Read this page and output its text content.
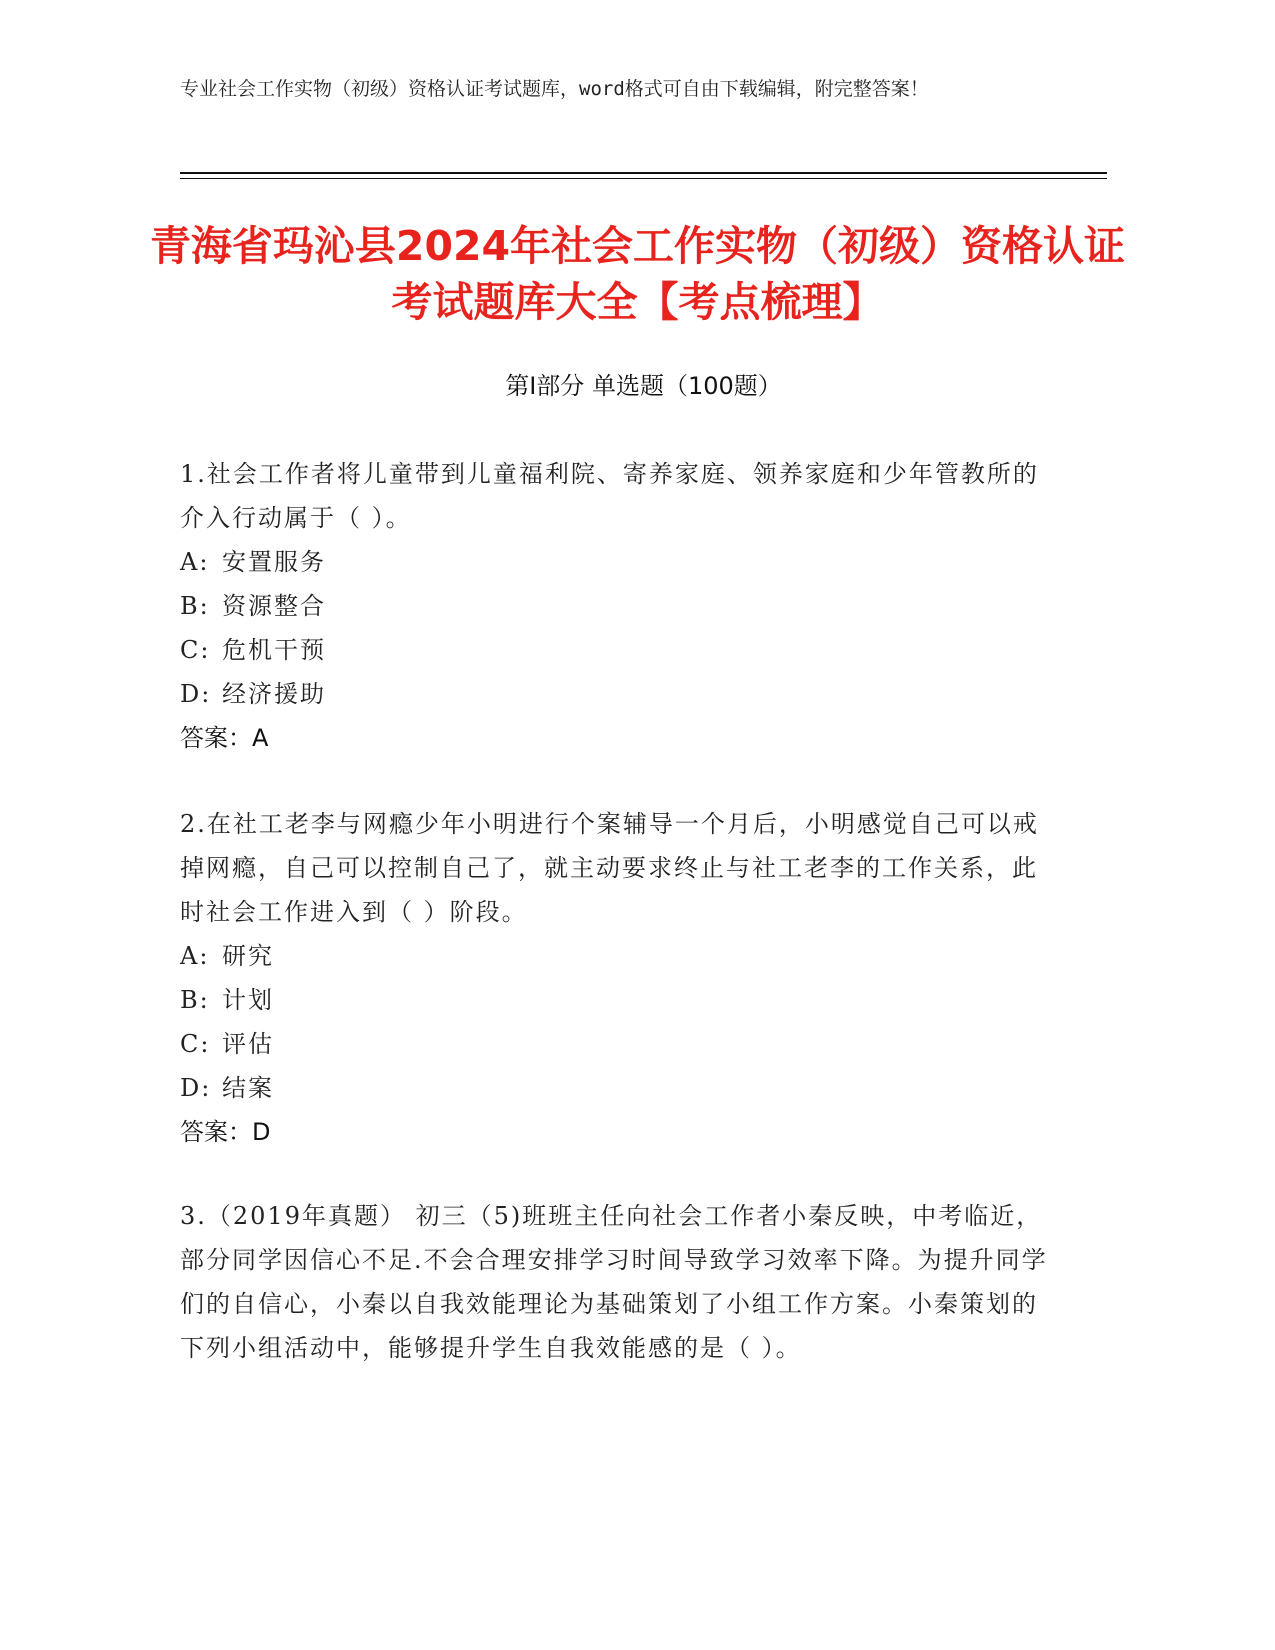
专业社会工作实物（初级）资格认证考试题库，word格式可自由下载编辑，附完整答案！
青海省玛沁县2024年社会工作实物（初级）资格认证考试题库大全【考点梳理】
第Ⅰ部分 单选题（100题）
1.社会工作者将儿童带到儿童福利院、寄养家庭、领养家庭和少年管教所的介入行动属于（ ）。
A: 安置服务
B: 资源整合
C: 危机干预
D: 经济援助
答案：A
2.在社工老李与网瘾少年小明进行个案辅导一个月后，小明感觉自己可以戒掉网瘾，自己可以控制自己了，就主动要求终止与社工老李的工作关系，此时社会工作进入到（ ）阶段。
A: 研究
B: 计划
C: 评估
D: 结案
答案：D
3.（2019年真题） 初三（5)班班主任向社会工作者小秦反映，中考临近，部分同学因信心不足.不会合理安排学习时间导致学习效率下降。为提升同学们的自信心，小秦以自我效能理论为基础策划了小组工作方案。小秦策划的下列小组活动中，能够提升学生自我效能感的是（ ）。
